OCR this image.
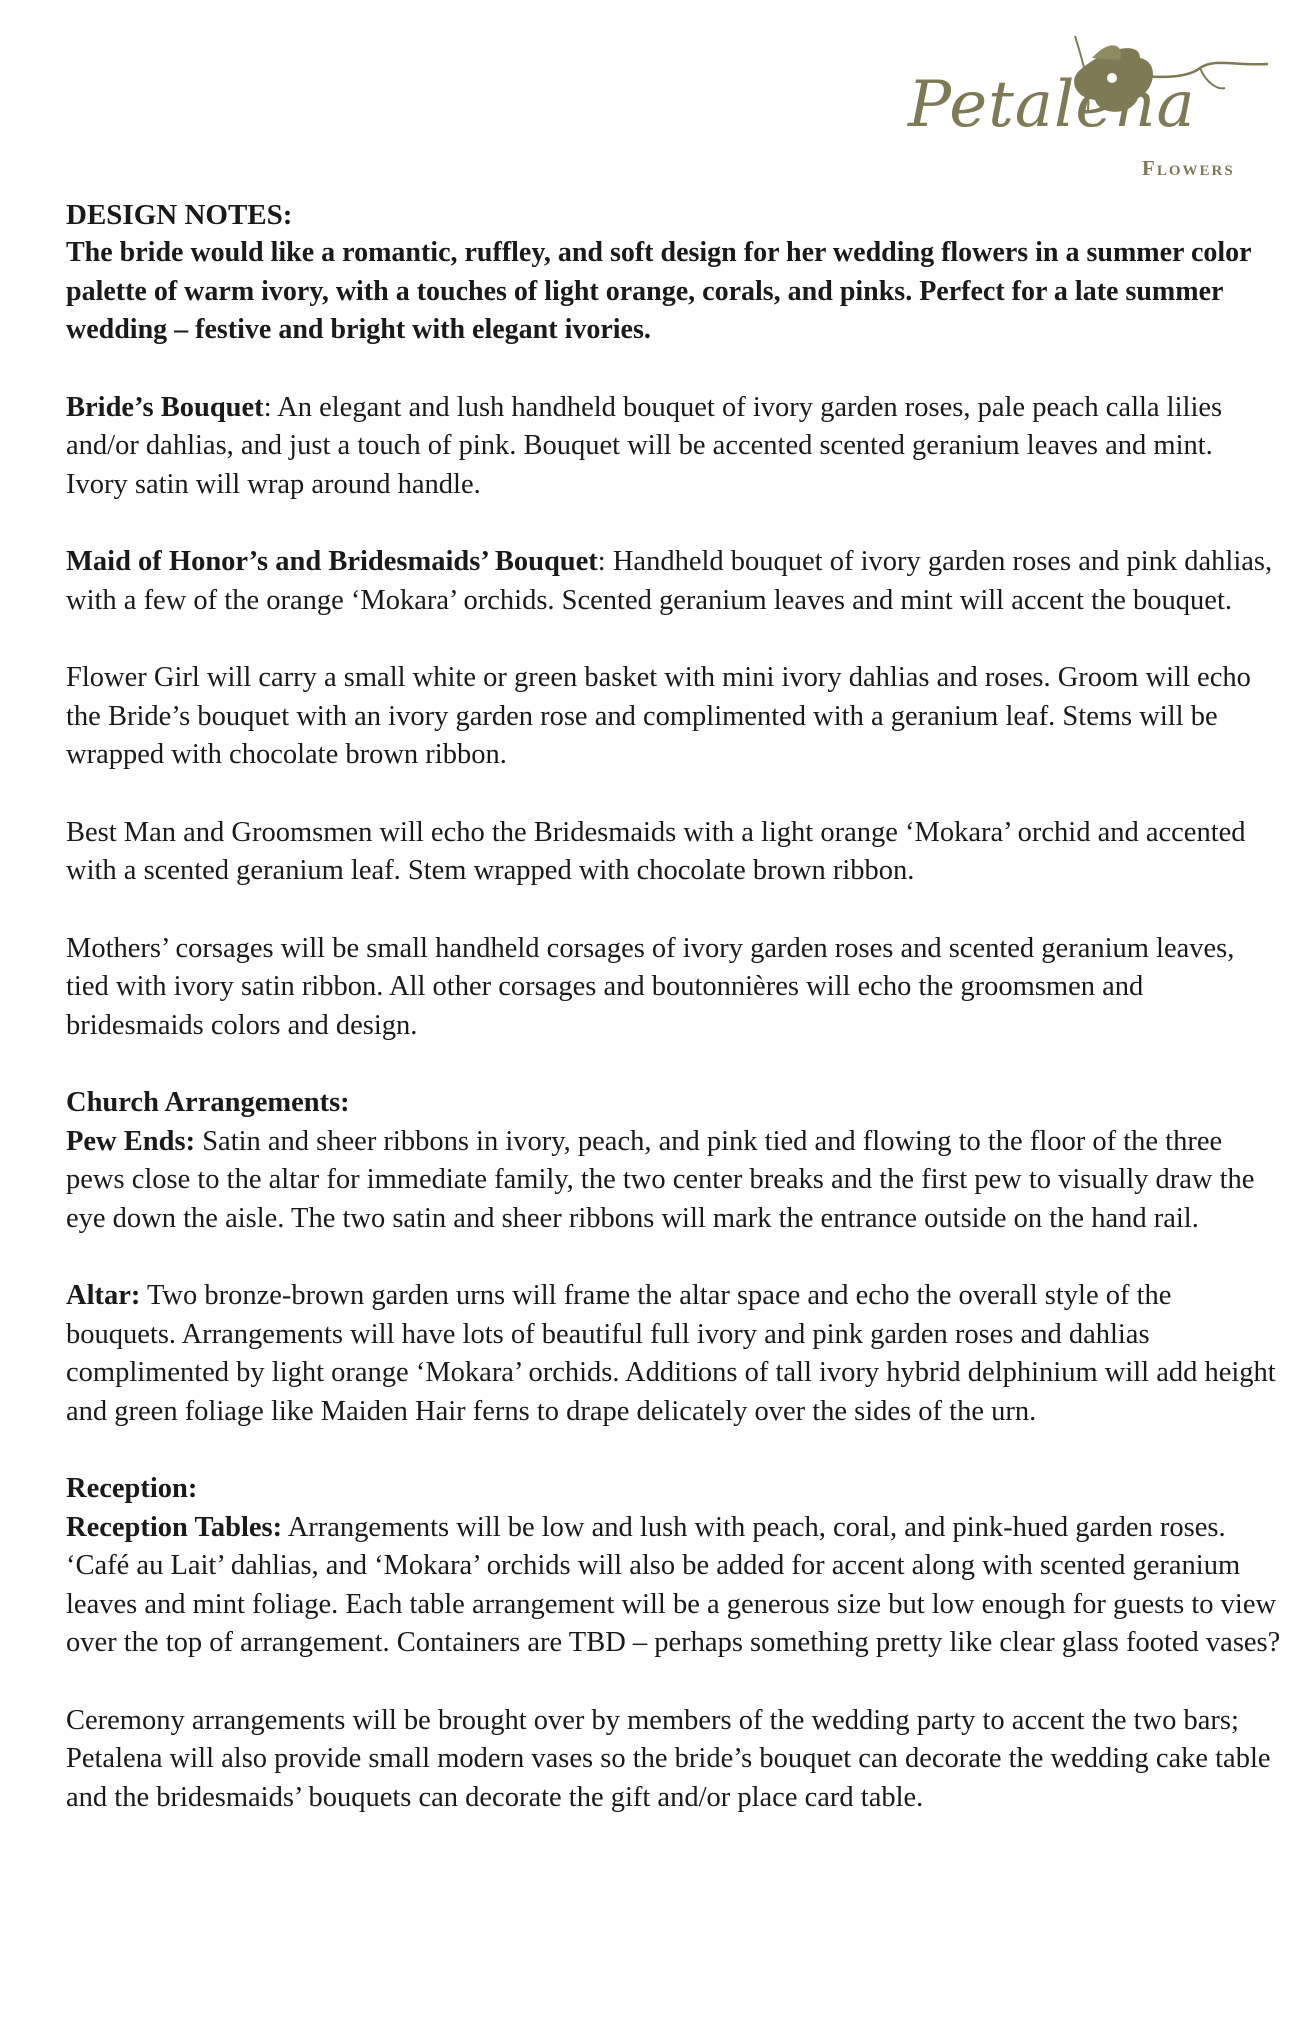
Petalena
Flowers

DESIGN NOTES:

The bride would like a romantic, ruffley, and soft design for her wedding flowers in a summer color palette of warm ivory, with a touches of light orange, corals, and pinks. Perfect for a late summer wedding – festive and bright with elegant ivories.

Bride’s Bouquet: An elegant and lush handheld bouquet of ivory garden roses, pale peach calla lilies and/or dahlias, and just a touch of pink. Bouquet will be accented scented geranium leaves and mint. Ivory satin will wrap around handle.

Maid of Honor’s and Bridesmaids’ Bouquet: Handheld bouquet of ivory garden roses and pink dahlias, with a few of the orange ‘Mokara’ orchids. Scented geranium leaves and mint will accent the bouquet.

Flower Girl will carry a small white or green basket with mini ivory dahlias and roses. Groom will echo the Bride’s bouquet with an ivory garden rose and complimented with a geranium leaf. Stems will be wrapped with chocolate brown ribbon.

Best Man and Groomsmen will echo the Bridesmaids with a light orange ‘Mokara’ orchid and accented with a scented geranium leaf. Stem wrapped with chocolate brown ribbon.

Mothers’ corsages will be small handheld corsages of ivory garden roses and scented geranium leaves, tied with ivory satin ribbon. All other corsages and boutonnières will echo the groomsmen and bridesmaids colors and design.

Church Arrangements:

Pew Ends: Satin and sheer ribbons in ivory, peach, and pink tied and flowing to the floor of the three pews close to the altar for immediate family, the two center breaks and the first pew to visually draw the eye down the aisle. The two satin and sheer ribbons will mark the entrance outside on the hand rail.

Altar: Two bronze-brown garden urns will frame the altar space and echo the overall style of the bouquets. Arrangements will have lots of beautiful full ivory and pink garden roses and dahlias complimented by light orange ‘Mokara’ orchids. Additions of tall ivory hybrid delphinium will add height and green foliage like Maiden Hair ferns to drape delicately over the sides of the urn.

Reception:

Reception Tables: Arrangements will be low and lush with peach, coral, and pink-hued garden roses. ‘Café au Lait’ dahlias, and ‘Mokara’ orchids will also be added for accent along with scented geranium leaves and mint foliage. Each table arrangement will be a generous size but low enough for guests to view over the top of arrangement. Containers are TBD – perhaps something pretty like clear glass footed vases?

Ceremony arrangements will be brought over by members of the wedding party to accent the two bars; Petalena will also provide small modern vases so the bride’s bouquet can decorate the wedding cake table and the bridesmaids’ bouquets can decorate the gift and/or place card table.
